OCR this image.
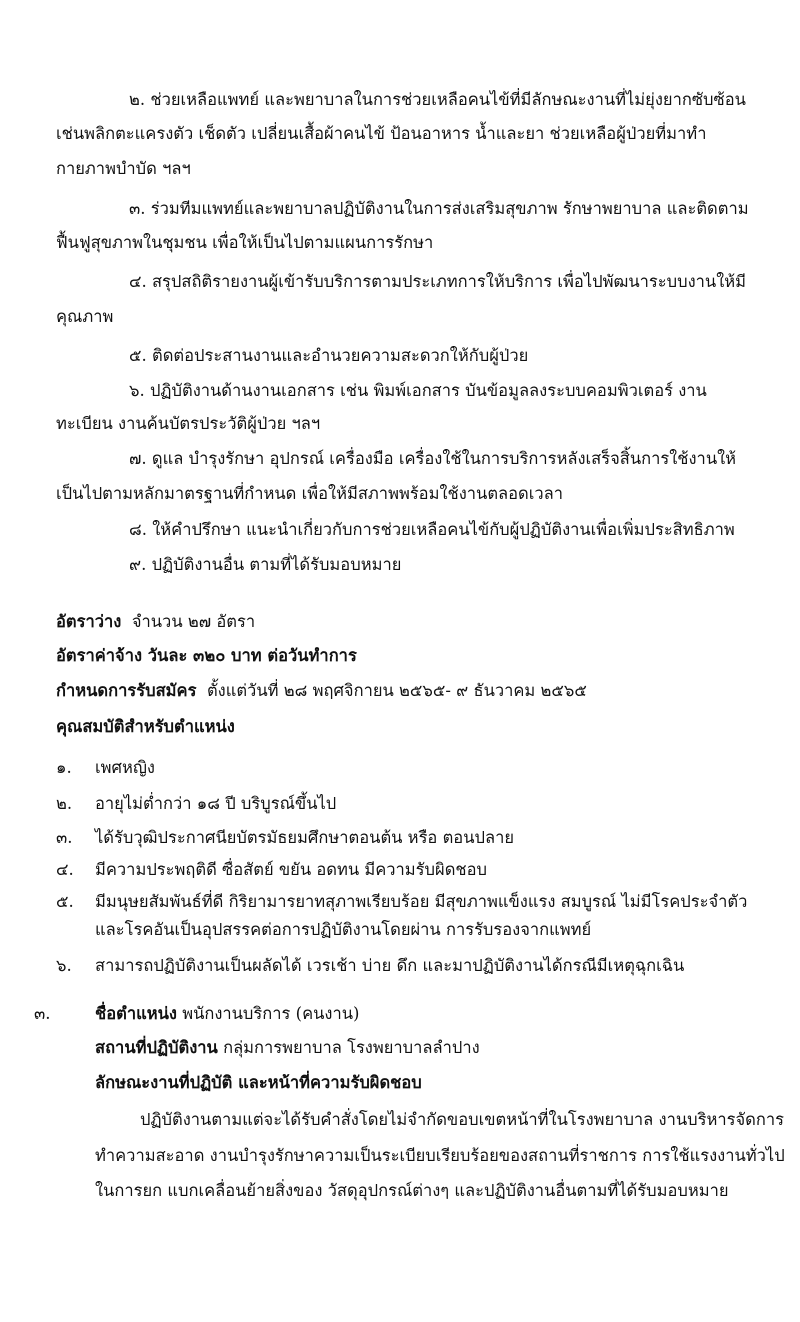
๒. ช่วยเหลือแพทย์ และพยาบาลในการช่วยเหลือคนไข้ที่มีลักษณะงานที่ไม่ยุ่งยากซับซ้อน
เช่นพลิกตะแครงตัว เช็ดตัว เปลี่ยนเสื้อผ้าคนไข้ ป้อนอาหาร น้ำและยา ช่วยเหลือผู้ป่วยที่มาทำ
กายภาพบำบัด ฯลฯ
๓. ร่วมทีมแพทย์และพยาบาลปฏิบัติงานในการส่งเสริมสุขภาพ รักษาพยาบาล และติดตาม
ฟื้นฟูสุขภาพในชุมชน เพื่อให้เป็นไปตามแผนการรักษา
๔. สรุปสถิติรายงานผู้เข้ารับบริการตามประเภทการให้บริการ เพื่อไปพัฒนาระบบงานให้มี
คุณภาพ
๕. ติดต่อประสานงานและอำนวยความสะดวกให้กับผู้ป่วย
๖. ปฏิบัติงานด้านงานเอกสาร เช่น พิมพ์เอกสาร บันข้อมูลลงระบบคอมพิวเตอร์ งาน
ทะเบียน งานค้นบัตรประวัติผู้ป่วย ฯลฯ
๗. ดูแล บำรุงรักษา อุปกรณ์ เครื่องมือ เครื่องใช้ในการบริการหลังเสร็จสิ้นการใช้งานให้
เป็นไปตามหลักมาตรฐานที่กำหนด เพื่อให้มีสภาพพร้อมใช้งานตลอดเวลา
๘. ให้คำปรึกษา แนะนำเกี่ยวกับการช่วยเหลือคนไข้กับผู้ปฏิบัติงานเพื่อเพิ่มประสิทธิภาพ
๙. ปฏิบัติงานอื่น ตามที่ได้รับมอบหมาย
อัตราว่าง จำนวน ๒๗ อัตรา
อัตราค่าจ้าง วันละ ๓๒๐ บาท ต่อวันทำการ
กำหนดการรับสมัคร ตั้งแต่วันที่ ๒๘ พฤศจิกายน ๒๕๖๕- ๙ ธันวาคม ๒๕๖๕
คุณสมบัติสำหรับตำแหน่ง
๑. เพศหญิง
๒. อายุไม่ต่ำกว่า ๑๘ ปี บริบูรณ์ขึ้นไป
๓. ได้รับวุฒิประกาศนียบัตรมัธยมศึกษาตอนต้น หรือ ตอนปลาย
๔. มีความประพฤติดี ซื่อสัตย์ ขยัน อดทน มีความรับผิดชอบ
๕. มีมนุษยสัมพันธ์ที่ดี กิริยามารยาทสุภาพเรียบร้อย มีสุขภาพแข็งแรง สมบูรณ์ ไม่มีโรคประจำตัว
และโรคอันเป็นอุปสรรคต่อการปฏิบัติงานโดยผ่าน การรับรองจากแพทย์
๖. สามารถปฏิบัติงานเป็นผลัดได้ เวรเช้า บ่าย ดึก และมาปฏิบัติงานได้กรณีมีเหตุฉุกเฉิน
๓.	ชื่อตำแหน่ง พนักงานบริการ (คนงาน)
สถานที่ปฏิบัติงาน กลุ่มการพยาบาล โรงพยาบาลลำปาง
ลักษณะงานที่ปฏิบัติ และหน้าที่ความรับผิดชอบ
ปฏิบัติงานตามแต่จะได้รับคำสั่งโดยไม่จำกัดขอบเขตหน้าที่ในโรงพยาบาล งานบริหารจัดการ
ทำความสะอาด งานบำรุงรักษาความเป็นระเบียบเรียบร้อยของสถานที่ราชการ การใช้แรงงานทั่วไป
ในการยก แบกเคลื่อนย้ายสิ่งของ วัสดุอุปกรณ์ต่างๆ และปฏิบัติงานอื่นตามที่ได้รับมอบหมาย
